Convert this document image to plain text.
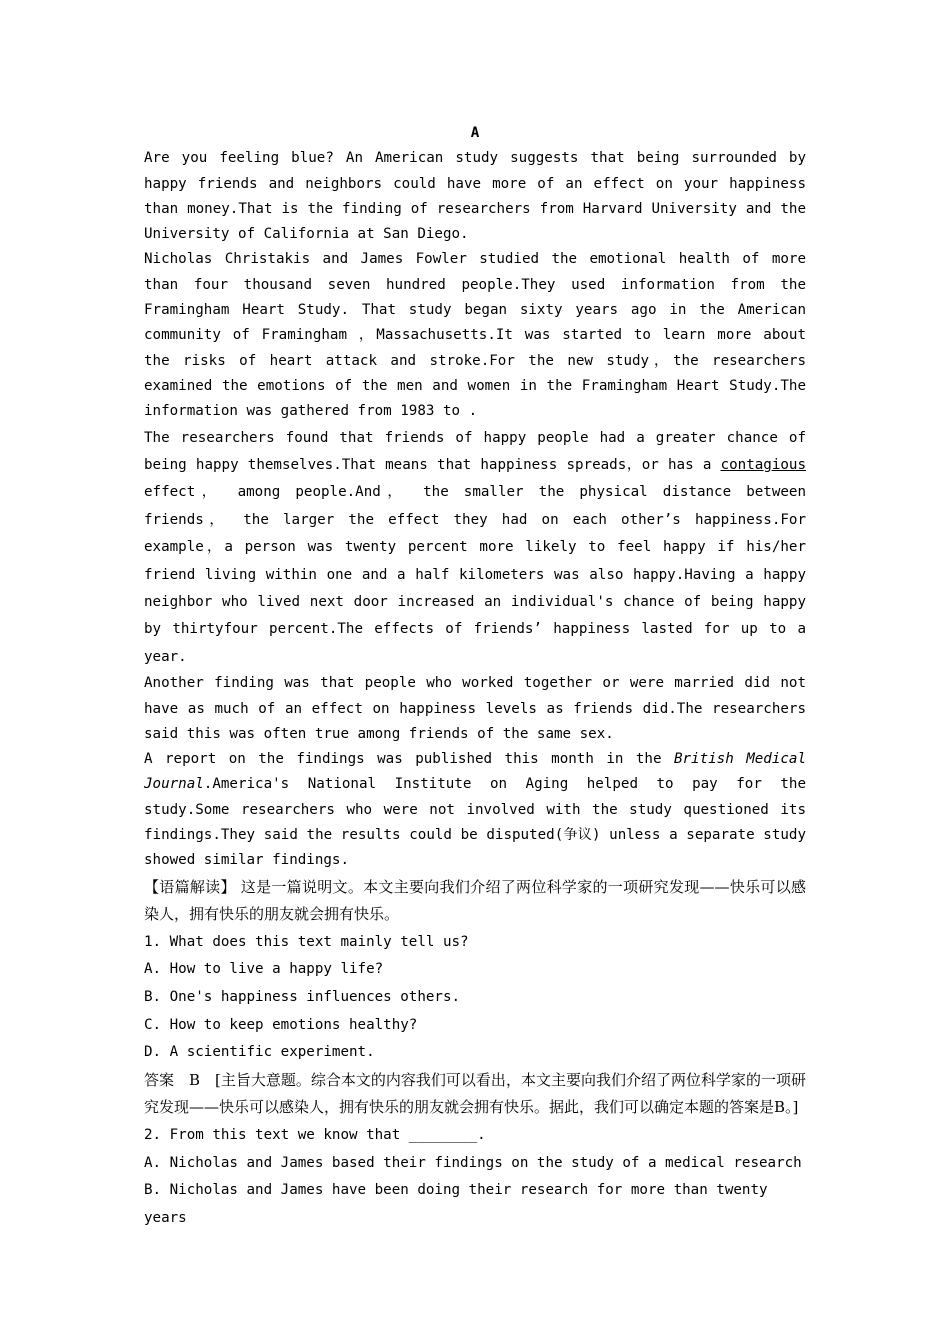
A
Are you feeling blue? An American study suggests that being surrounded by happy friends and neighbors could have more of an effect on your happiness than money.That is the finding of researchers from Harvard University and the University of California at San Diego.
Nicholas Christakis and James Fowler studied the emotional health of more than four thousand seven hundred people.They used information from the Framingham Heart Study. That study began sixty years ago in the American community of Framingham ，Massachusetts.It was started to learn more about the risks of heart attack and stroke.For the new study，the researchers examined the emotions of the men and women in the Framingham Heart Study.The information was gathered from 1983 to .
The researchers found that friends of happy people had a greater chance of being happy themselves.That means that happiness spreads，or has a contagious effect， among people.And， the smaller the physical distance between friends， the larger the effect they had on each other’s happiness.For example，a person was twenty percent more likely to feel happy if his/her friend living within one and a half kilometers was also happy.Having a happy neighbor who lived next door increased an individual's chance of being happy by thirtyfour percent.The effects of friends’ happiness lasted for up to a year.
Another finding was that people who worked together or were married did not have as much of an effect on happiness levels as friends did.The researchers said this was often true among friends of the same sex.
A report on the findings was published this month in the British Medical Journal.America's National Institute on Aging helped to pay for the study.Some researchers who were not involved with the study questioned its findings.They said the results could be disputed(争议) unless a separate study showed similar findings.
【语篇解读】 这是一篇说明文。本文主要向我们介绍了两位科学家的一项研究发现——快乐可以感染人，拥有快乐的朋友就会拥有快乐。
1. What does this text mainly tell us?
A. How to live a happy life?
B. One's happiness influences others.
C. How to keep emotions healthy?
D. A scientific experiment.
答案　B　[主旨大意题。综合本文的内容我们可以看出，本文主要向我们介绍了两位科学家的一项研究发现——快乐可以感染人，拥有快乐的朋友就会拥有快乐。据此，我们可以确定本题的答案是B。]
2. From this text we know that ________.
A. Nicholas and James based their findings on the study of a medical research
B. Nicholas and James have been doing their research for more than twenty years
